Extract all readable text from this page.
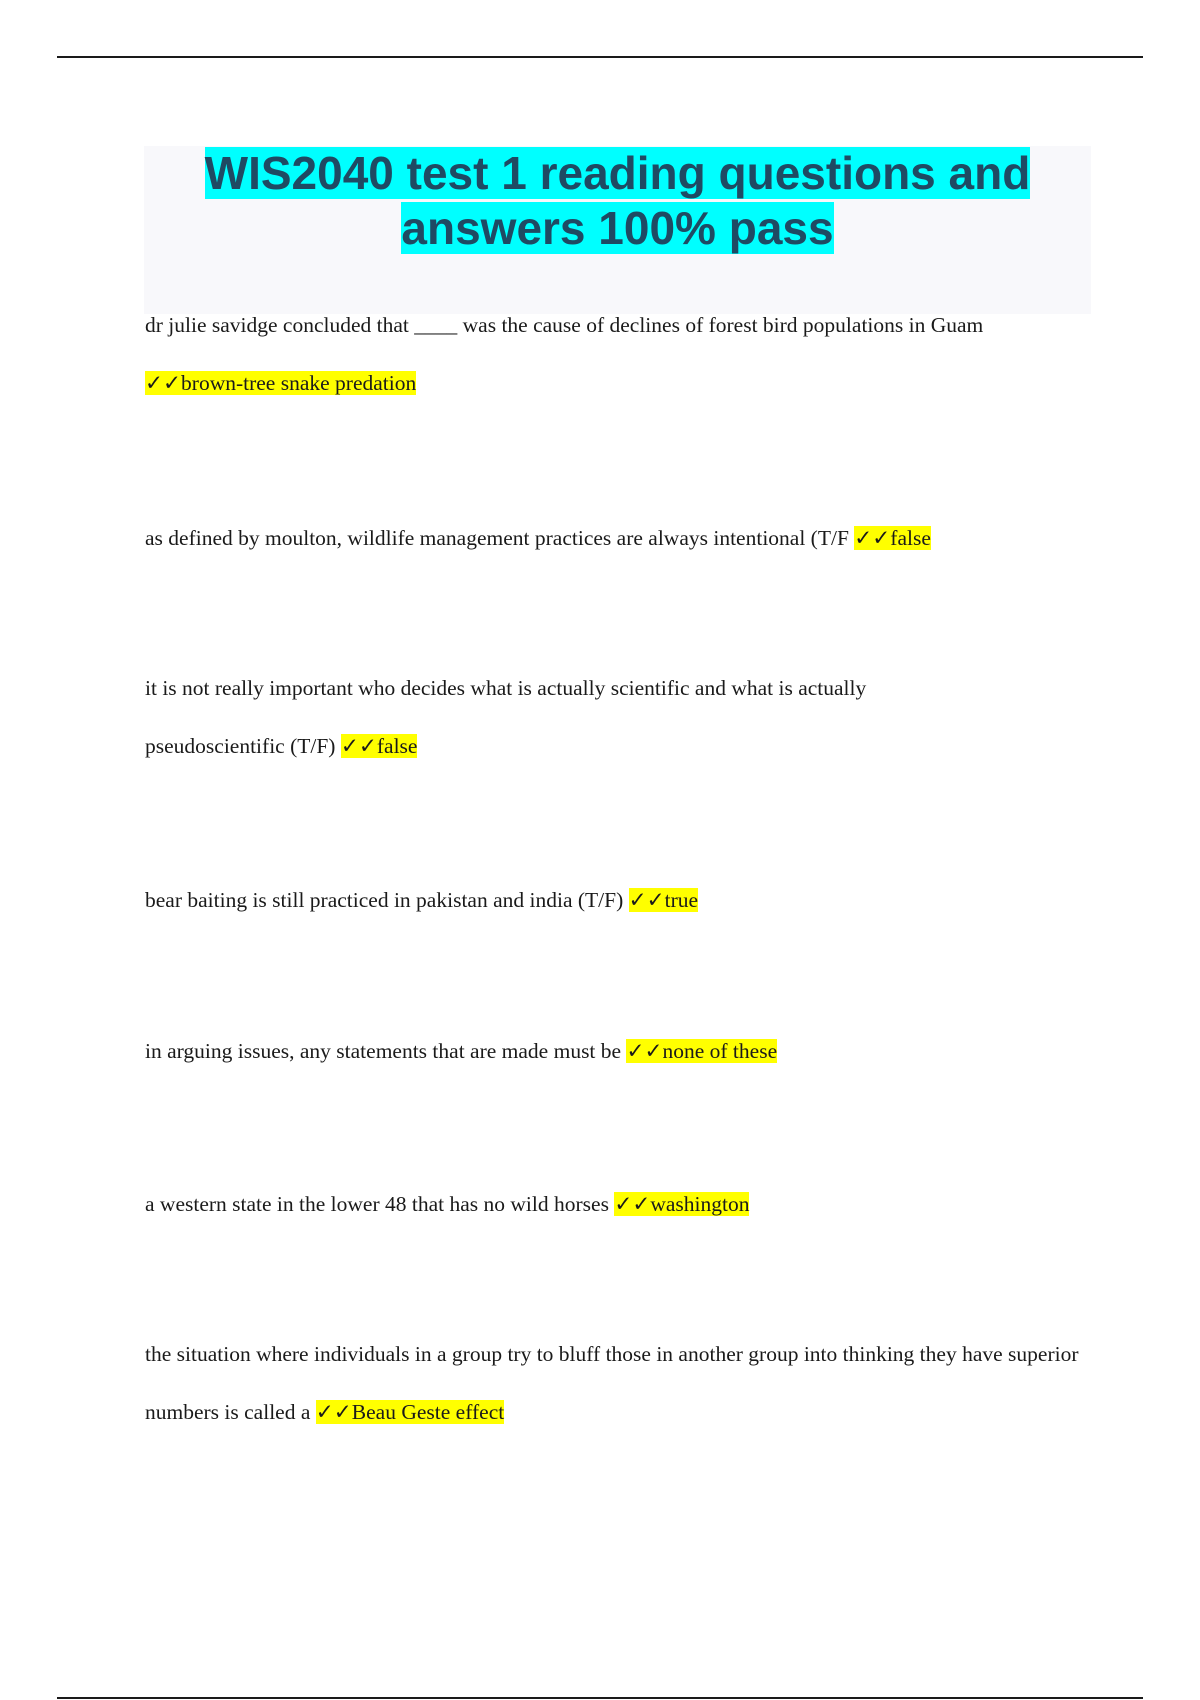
WIS2040 test 1 reading questions and answers 100% pass

dr julie savidge concluded that ____ was the cause of declines of forest bird populations in Guam
✓✓brown-tree snake predation

as defined by moulton, wildlife management practices are always intentional (T/F ✓✓false

it is not really important who decides what is actually scientific and what is actually pseudoscientific (T/F) ✓✓false

bear baiting is still practiced in pakistan and india (T/F) ✓✓true

in arguing issues, any statements that are made must be ✓✓none of these

a western state in the lower 48 that has no wild horses ✓✓washington

the situation where individuals in a group try to bluff those in another group into thinking they have superior numbers is called a ✓✓Beau Geste effect
